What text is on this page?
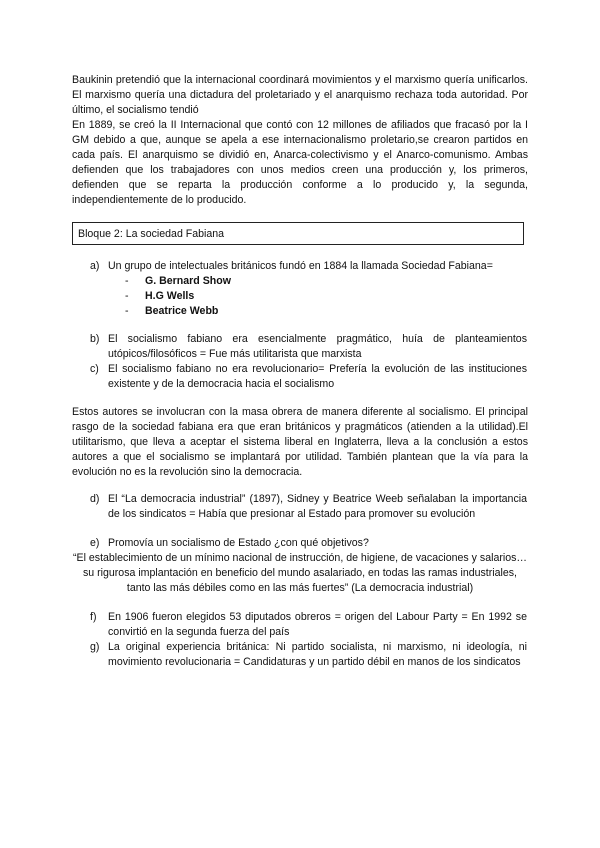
Baukinin pretendió que la internacional coordinará movimientos y el marxismo quería unificarlos. El marxismo quería una dictadura del proletariado y el anarquismo rechaza toda autoridad. Por último, el socialismo tendió

En 1889, se creó la II Internacional que contó con 12 millones de afiliados que fracasó por la I GM debido a que, aunque se apela a ese internacionalismo proletario,se crearon partidos en cada país. El anarquismo se dividió en, Anarca-colectivismo y el Anarco-comunismo. Ambas defienden que los trabajadores con unos medios creen una producción y, los primeros, defienden que se reparta la producción conforme a lo producido y, la segunda, independientemente de lo producido.

Bloque 2: La sociedad Fabiana
a) Un grupo de intelectuales británicos fundó en 1884 la llamada Sociedad Fabiana=

- G. Bernard Show
- H.G Wells
- Beatrice Webb
b) El socialismo fabiano era esencialmente pragmático, huía de planteamientos utópicos/filosóficos = Fue más utilitarista que marxista

c) El socialismo fabiano no era revolucionario= Prefería la evolución de las instituciones existente y de la democracia hacia el socialismo

Estos autores se involucran con la masa obrera de manera diferente al socialismo. El principal rasgo de la sociedad fabiana era que eran británicos y pragmáticos (atienden a la utilidad).El utilitarismo, que lleva a aceptar el sistema liberal en Inglaterra, lleva a la conclusión a estos autores a que el socialismo se implantará por utilidad. También plantean que la vía para la evolución no es la revolución sino la democracia.

d) El “La democracia industrial” (1897), Sidney y Beatrice Weeb señalaban la importancia de los sindicatos = Había que presionar al Estado para promover su evolución

e) Promovía un socialismo de Estado ¿con qué objetivos?

“El establecimiento de un mínimo nacional de instrucción, de higiene, de vacaciones y salarios…su rigurosa implantación en beneficio del mundo asalariado, en todas las ramas industriales, tanto las más débiles como en las más fuertes” (La democracia industrial)

f) En 1906 fueron elegidos 53 diputados obreros = origen del Labour Party = En 1992 se convirtió en la segunda fuerza del país

g) La original experiencia británica: Ni partido socialista, ni marxismo, ni ideología, ni movimiento revolucionaria = Candidaturas y un partido débil en manos de los sindicatos
